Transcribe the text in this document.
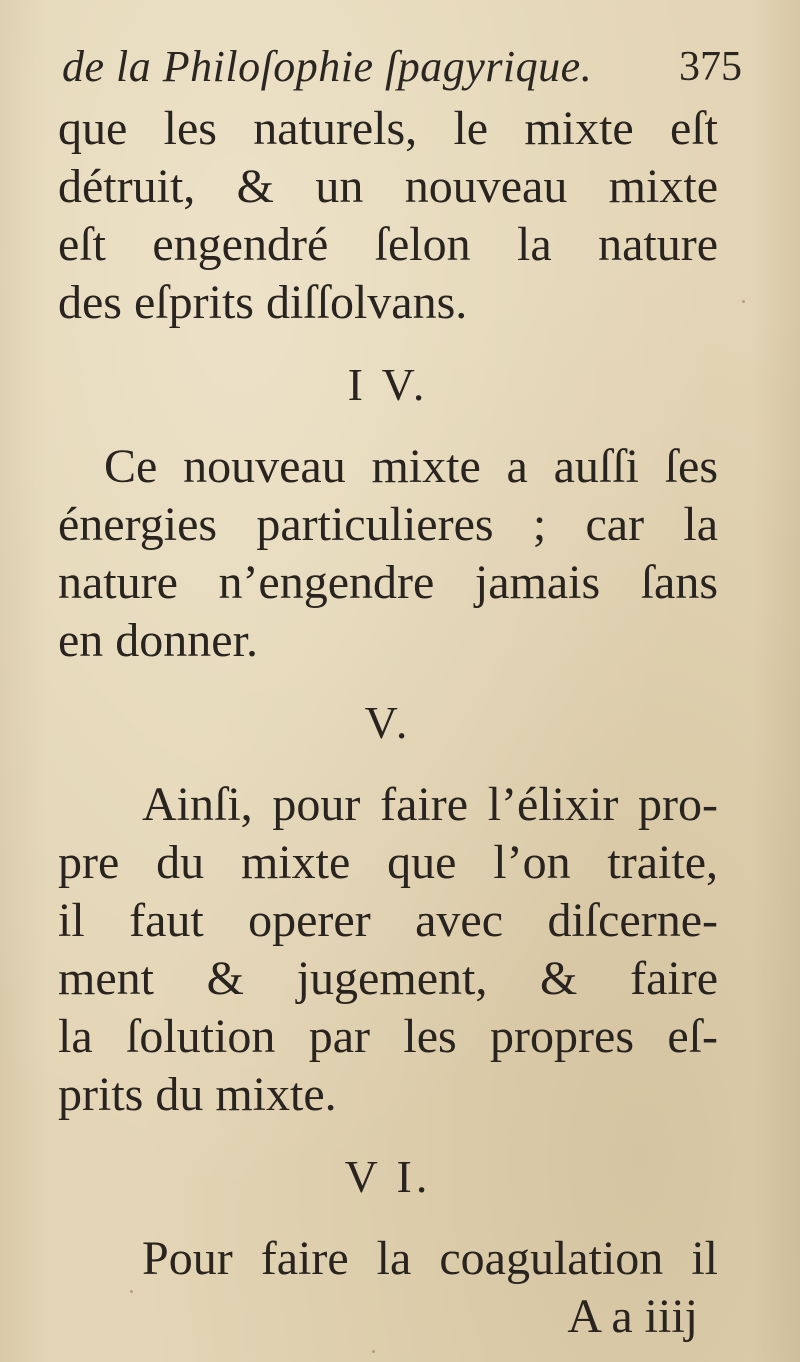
de la Philoſophie ſpagyrique. 375
que les naturels, le mixte eſt
détruit, & un nouveau mixte
eſt engendré ſelon la nature
des eſprits diſſolvans.
I V.
Ce nouveau mixte a auſſi ſes
énergies particulieres ; car la
nature n’engendre jamais ſans
en donner.
V.
Ainſi, pour faire l’élixir pro-
pre du mixte que l’on traite,
il faut operer avec diſcerne-
ment & jugement, & faire
la ſolution par les propres eſ-
prits du mixte.
V I.
Pour faire la coagulation il
A a iiij
